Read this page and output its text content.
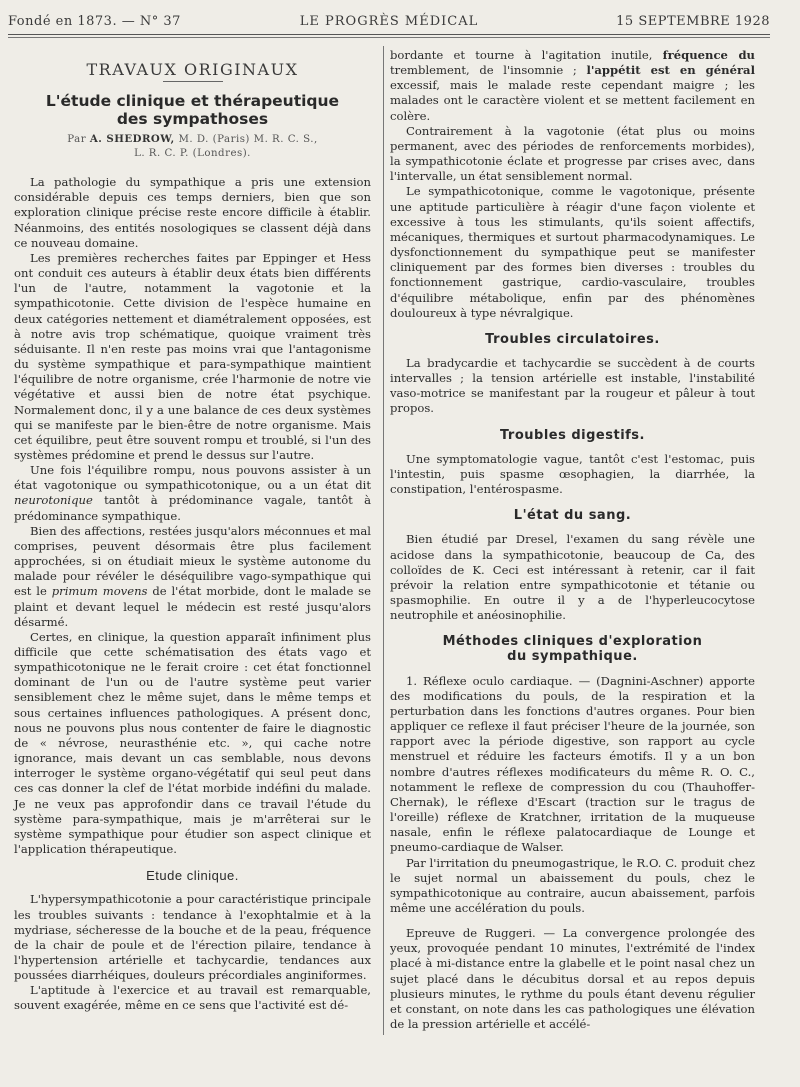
Fondé en 1873. — N° 37	LE PROGRÈS MÉDICAL	15 SEPTEMBRE 1928
TRAVAUX ORIGINAUX
L'étude clinique et thérapeutique
des sympathoses
Par A. SHEDROW, M. D. (Paris) M. R. C. S.,
L. R. C. P. (Londres).

La pathologie du sympathique a pris une extension considérable depuis ces temps derniers, bien que son exploration clinique précise reste encore difficile à établir. Néanmoins, des entités nosologiques se classent déjà dans ce nouveau domaine.

Les premières recherches faites par Eppinger et Hess ont conduit ces auteurs à établir deux états bien différents l'un de l'autre, notamment la vagotonie et la sympathicotonie. Cette division de l'espèce humaine en deux catégories nettement et diamétralement opposées, est à notre avis trop schématique, quoique vraiment très séduisante. Il n'en reste pas moins vrai que l'antagonisme du système sympathique et para-sympathique maintient l'équilibre de notre organisme, crée l'harmonie de notre vie végétative et aussi bien de notre état psychique. Normalement donc, il y a une balance de ces deux systèmes qui se manifeste par le bien-être de notre organisme. Mais cet équilibre, peut être souvent rompu et troublé, si l'un des systèmes prédomine et prend le dessus sur l'autre.

Une fois l'équilibre rompu, nous pouvons assister à un état vagotonique ou sympathicotonique, ou a un état dit neurotonique tantôt à prédominance vagale, tantôt à prédominance sympathique.

Bien des affections, restées jusqu'alors méconnues et mal comprises, peuvent désormais être plus facilement approchées, si on étudiait mieux le système autonome du malade pour révéler le déséquilibre vago-sympathique qui est le primum movens de l'état morbide, dont le malade se plaint et devant lequel le médecin est resté jusqu'alors désarmé.

Certes, en clinique, la question apparaît infiniment plus difficile que cette schématisation des états vago et sympathicotonique ne le ferait croire : cet état fonctionnel dominant de l'un ou de l'autre système peut varier sensiblement chez le même sujet, dans le même temps et sous certaines influences pathologiques. A présent donc, nous ne pouvons plus nous contenter de faire le diagnostic de « névrose, neurasthénie etc. », qui cache notre ignorance, mais devant un cas semblable, nous devons interroger le système organo-végétatif qui seul peut dans ces cas donner la clef de l'état morbide indéfini du malade. Je ne veux pas approfondir dans ce travail l'étude du système para-sympathique, mais je m'arrêterai sur le système sympathique pour étudier son aspect clinique et l'application thérapeutique.

Etude clinique.

L'hypersympathicotonie a pour caractéristique principale les troubles suivants : tendance à l'exophtalmie et à la mydriase, sécheresse de la bouche et de la peau, fréquence de la chair de poule et de l'érection pilaire, tendance à l'hypertension artérielle et tachycardie, tendances aux poussées diarrhéiques, douleurs précordiales anginiformes.

L'aptitude à l'exercice et au travail est remarquable, souvent exagérée, même en ce sens que l'activité est dé-

bordante et tourne à l'agitation inutile, fréquence du tremblement, de l'insomnie ; l'appétit est en général excessif, mais le malade reste cependant maigre ; les malades ont le caractère violent et se mettent facilement en colère.

Contrairement à la vagotonie (état plus ou moins permanent, avec des périodes de renforcements morbides), la sympathicotonie éclate et progresse par crises avec, dans l'intervalle, un état sensiblement normal.

Le sympathicotonique, comme le vagotonique, présente une aptitude particulière à réagir d'une façon violente et excessive à tous les stimulants, qu'ils soient affectifs, mécaniques, thermiques et surtout pharmacodynamiques. Le dysfonctionnement du sympathique peut se manifester cliniquement par des formes bien diverses : troubles du fonctionnement gastrique, cardio-vasculaire, troubles d'équilibre métabolique, enfin par des phénomènes douloureux à type névralgique.

Troubles circulatoires.

La bradycardie et tachycardie se succèdent à de courts intervalles ; la tension artérielle est instable, l'instabilité vaso-motrice se manifestant par la rougeur et pâleur à tout propos.

Troubles digestifs.

Une symptomatologie vague, tantôt c'est l'estomac, puis l'intestin, puis spasme œsophagien, la diarrhée, la constipation, l'entérospasme.

L'état du sang.

Bien étudié par Dresel, l'examen du sang révèle une acidose dans la sympathicotonie, beaucoup de Ca, des colloïdes de K. Ceci est intéressant à retenir, car il fait prévoir la relation entre sympathicotonie et tétanie ou spasmophilie. En outre il y a de l'hyperleucocytose neutrophile et anéosinophilie.

Méthodes cliniques d'exploration
du sympathique.

1. Réflexe oculo cardiaque. — (Dagnini-Aschner) apporte des modifications du pouls, de la respiration et la perturbation dans les fonctions d'autres organes. Pour bien appliquer ce reflexe il faut préciser l'heure de la journée, son rapport avec la période digestive, son rapport au cycle menstruel et réduire les facteurs émotifs. Il y a un bon nombre d'autres réflexes modificateurs du même R. O. C., notamment le reflexe de compression du cou (Thauhoffer-Chernak), le réflexe d'Escart (traction sur le tragus de l'oreille) réflexe de Kratchner, irritation de la muqueuse nasale, enfin le réflexe palatocardiaque de Lounge et pneumo-cardiaque de Walser.

Par l'irritation du pneumogastrique, le R.O. C. produit chez le sujet normal un abaissement du pouls, chez le sympathicotonique au contraire, aucun abaissement, parfois même une accélération du pouls.

Epreuve de Ruggeri. — La convergence prolongée des yeux, provoquée pendant 10 minutes, l'extrémité de l'index placé à mi-distance entre la glabelle et le point nasal chez un sujet placé dans le décubitus dorsal et au repos depuis plusieurs minutes, le rythme du pouls étant devenu régulier et constant, on note dans les cas pathologiques une élévation de la pression artérielle et accélé-
